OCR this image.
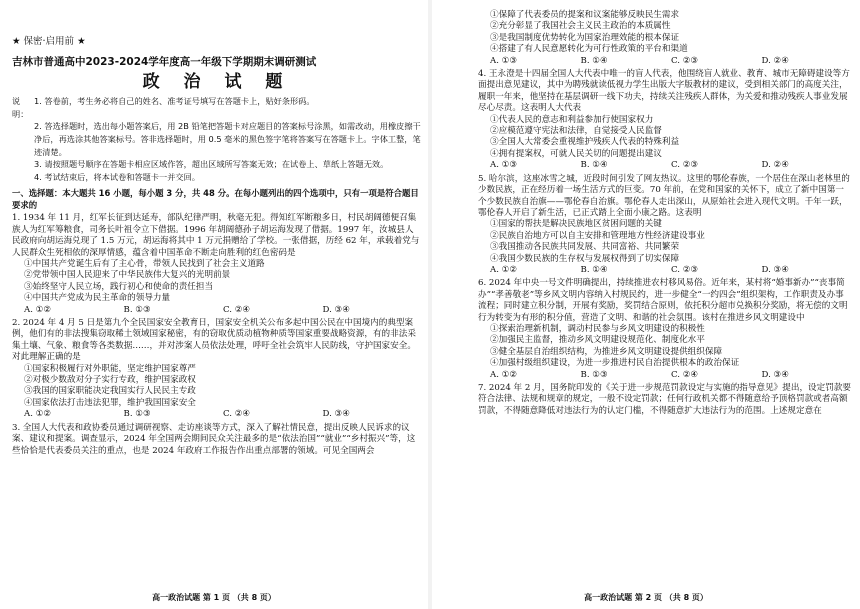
★ 保密·启用前 ★
吉林市普通高中2023-2024学年度高一年级下学期期末调研测试
政 治 试 题
说明：
1. 答卷前，考生务必将自己的姓名、准考证号填写在答题卡上，贴好条形码。
2. 答选择题时，选出每小题答案后，用 2B 铅笔把答题卡对应题目的答案标号涂黑，如需改动，用橡皮擦干净后，再选涂其他答案标号。答非选择题时，用 0.5 毫米的黑色签字笔将答案写在答题卡上。字体工整，笔迹清楚。
3. 请按照题号顺序在答题卡相应区域作答，超出区域所写答案无效；在试卷上、草纸上答题无效。
4. 考试结束后，将本试卷和答题卡一并交回。
一、选择题：本大题共 16 小题，每小题 3 分，共 48 分。在每小题列出的四个选项中，只有一项是符合题目要求的
1. 1934 年 11 月，红军长征到达延寿，部队纪律严明，秋毫无犯。得知红军断粮多日，村民胡阔德便召集族人为红军筹粮食，司务长叶祖令立下借据。1996 年胡阔德孙子胡运海发现了借据。1997 年，汝城县人民政府向胡运海兑现了 1.5 万元，胡运海将其中 1 万元捐赠给了学校。一张借据，历经 62 年，承载着党与人民群众生死相依的深厚情感，蕴含着中国革命不断走向胜利的红色密码是
①中国共产党诞生后有了主心骨，带领人民找到了社会主义道路
②党带领中国人民迎来了中华民族伟大复兴的光明前景
③始终坚守人民立场，践行初心和使命的责任担当
④中国共产党成为民主革命的领导力量
A. ①②	B. ①③	C. ②④	D. ③④
2. 2024 年 4 月 5 日是第九个全民国家安全教育日，国家安全机关公布多起中国公民在中国境内的典型案例，他们有的非法搜集窃取稀土领域国家秘密，有的窃取优质动植物种质等国家重要战略资源，有的非法采集土壤、气象、粮食等各类数据……，并对涉案人员依法处理，呼吁全社会筑牢人民防线，守护国家安全。对此理解正确的是
①国家积极履行对外职能，坚定维护国家尊严
②对极少数敌对分子实行专政，维护国家政权
③我国的国家职能决定我国实行人民民主专政
④国家依法打击违法犯罪，维护我国国家安全
A. ①②	B. ①③	C. ②④	D. ③④
3. 全国人大代表和政协委员通过调研视察、走访座谈等方式，深入了解社情民意，提出反映人民诉求的议案、建议和提案。调查显示，2024 年全国两会期间民众关注最多的是“依法治国”“就业”“乡村振兴”等，这些恰恰是代表委员关注的重点，也是 2024 年政府工作报告作出重点部署的领域。可见全国两会
高一政治试题 第 1 页 （共 8 页）
①保障了代表委员的提案和议案能够反映民生需求
②充分彰显了我国社会主义民主政治的本质属性
③是我国制度优势转化为国家治理效能的根本保证
④搭建了有人民意愿转化为可行性政策的平台和渠道
A. ①③	B. ①④	C. ②③	D. ②④
4. 王永澄是十四届全国人大代表中唯一的盲人代表，他围绕盲人就业、教育、城市无障碍建设等方面提出意见建议，其中为聘残就读低视力学生出版大字版教材的建议，受到相关部门的高度关注，履职一年来，他坚持在基层调研一线下功夫，持续关注残疾人群体，为关爱和推动残疾人事业发展尽心尽责。这表明人大代表
①代表人民的意志和利益参加行使国家权力
②应模范遵守宪法和法律，自觉接受人民监督
③全国人大常委会重视维护残疾人代表的特殊利益
④拥有提案权，可就人民关切的问题提出建议
A. ①③	B. ①④	C. ②③	D. ②④
5. 哈尔滨，这座冰雪之城，近段时间引发了网友热议。这里的鄂伦春族，一个居住在深山老林里的少数民族，正在经历着一场生活方式的巨变。70 年前，在党和国家的关怀下，成立了新中国第一个少数民族自治旗——鄂伦春自治旗。鄂伦春人走出深山，从原始社会进入现代文明。千年一跃，鄂伦春人开启了新生活，已正式踏上全面小康之路。这表明
①国家的帮扶是解决民族地区贫困问题的关键
②民族自治地方可以自主安排和管理地方性经济建设事业
③我国推动各民族共同发展、共同富裕、共同繁荣
④我国少数民族的生存权与发展权得到了切实保障
A. ①②	B. ①④	C. ②③	D. ③④
6. 2024 年中央一号文件明确提出，持续推进农村移风易俗。近年来，某村将“婚事新办”“丧事简办”“孝善敬老”等乡风文明内容纳入村规民约，进一步健全“一约四会”组织架构，工作职责及办事流程；同时建立积分制，开展有奖励，奖罚结合原则，依托积分超市兑换积分奖励，将无偿的文明行为转变为有形的积分值，营造了文明、和谐的社会氛围。该村在推进乡风文明建设中
①探索治理新机制，调动村民参与乡风文明建设的积极性
②加强民主监督，推动乡风文明建设规范化、制度化水平
③健全基层自治组织结构，为推进乡风文明建设提供组织保障
④加强村级组织建设，为进一步推进村民自治提供根本的政治保证
A. ①②	B. ①③	C. ②④	D. ③④
7. 2024 年 2 月，国务院印发的《关于进一步规范罚款设定与实施的指导意见》提出，设定罚款要符合法律、法规和规章的规定，一般不设定罚款；任何行政机关都不得随意给予顶格罚款或者高额罚款，不得随意降低对违法行为的认定门槛，不得随意扩大违法行为的范围。上述规定意在
高一政治试题 第 2 页 （共 8 页）
